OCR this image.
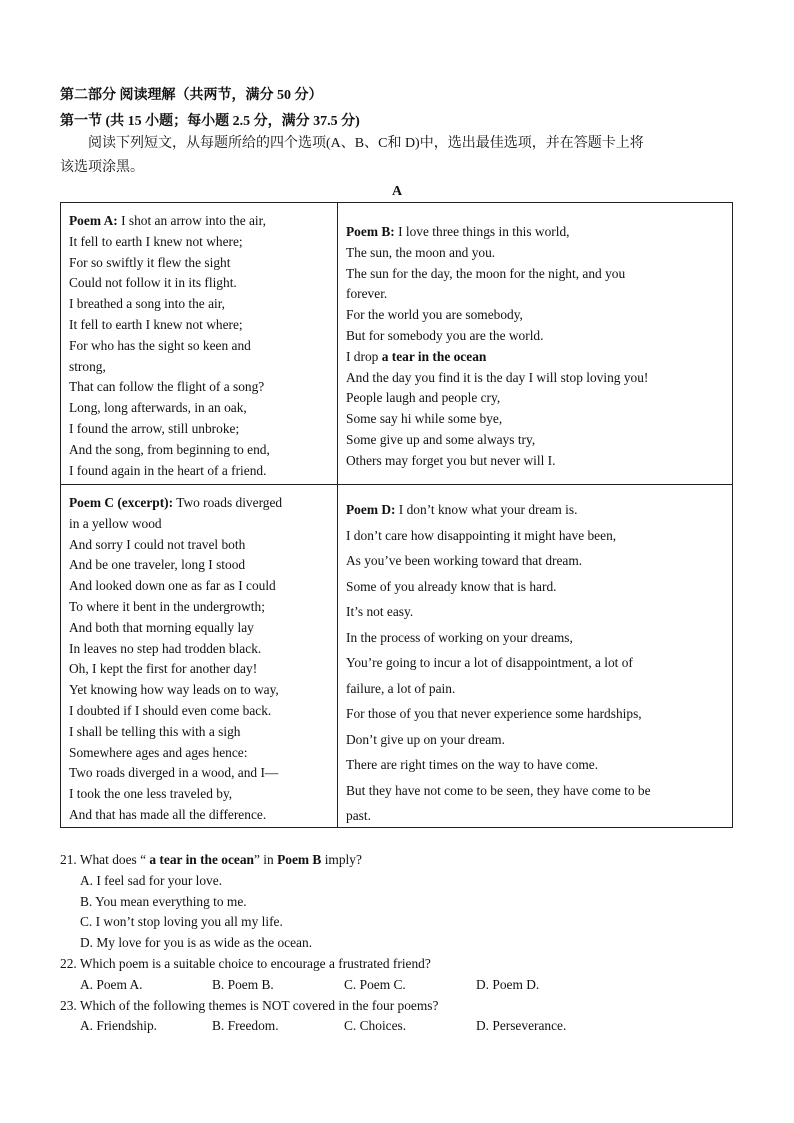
第二部分 阅读理解（共两节，满分 50 分）
第一节 (共 15 小题；每小题 2.5 分，满分 37.5 分)
阅读下列短文，从每题所给的四个选项(A、B、C和 D)中，选出最佳选项，并在答题卡上将
该选项涂黑。
A
Poem A: I shot an arrow into the air,
It fell to earth I knew not where;
For so swiftly it flew the sight
Could not follow it in its flight.
I breathed a song into the air,
It fell to earth I knew not where;
For who has the sight so keen and
strong,
That can follow the flight of a song?
Long, long afterwards, in an oak,
I found the arrow, still unbroke;
And the song, from beginning to end,
I found again in the heart of a friend.
Poem B: I love three things in this world,
The sun, the moon and you.
The sun for the day, the moon for the night, and you
forever.
For the world you are somebody,
But for somebody you are the world.
I drop a tear in the ocean
And the day you find it is the day I will stop loving you!
People laugh and people cry,
Some say hi while some bye,
Some give up and some always try,
Others may forget you but never will I.
Poem C (excerpt): Two roads diverged
in a yellow wood
And sorry I could not travel both
And be one traveler, long I stood
And looked down one as far as I could
To where it bent in the undergrowth;
And both that morning equally lay
In leaves no step had trodden black.
Oh, I kept the first for another day!
Yet knowing how way leads on to way,
I doubted if I should even come back.
I shall be telling this with a sigh
Somewhere ages and ages hence:
Two roads diverged in a wood, and I—
I took the one less traveled by,
And that has made all the difference.
Poem D: I don’t know what your dream is.
I don’t care how disappointing it might have been,
As you’ve been working toward that dream.
Some of you already know that is hard.
It’s not easy.
In the process of working on your dreams,
You’re going to incur a lot of disappointment, a lot of
failure, a lot of pain.
For those of you that never experience some hardships,
Don’t give up on your dream.
There are right times on the way to have come.
But they have not come to be seen, they have come to be
past.
21. What does “ a tear in the ocean” in Poem B imply?
A. I feel sad for your love.
B. You mean everything to me.
C. I won’t stop loving you all my life.
D. My love for you is as wide as the ocean.
22. Which poem is a suitable choice to encourage a frustrated friend?
A. Poem A.	B. Poem B.	C. Poem C.	D. Poem D.
23. Which of the following themes is NOT covered in the four poems?
A. Friendship.	B. Freedom.	C. Choices.	D. Perseverance.
